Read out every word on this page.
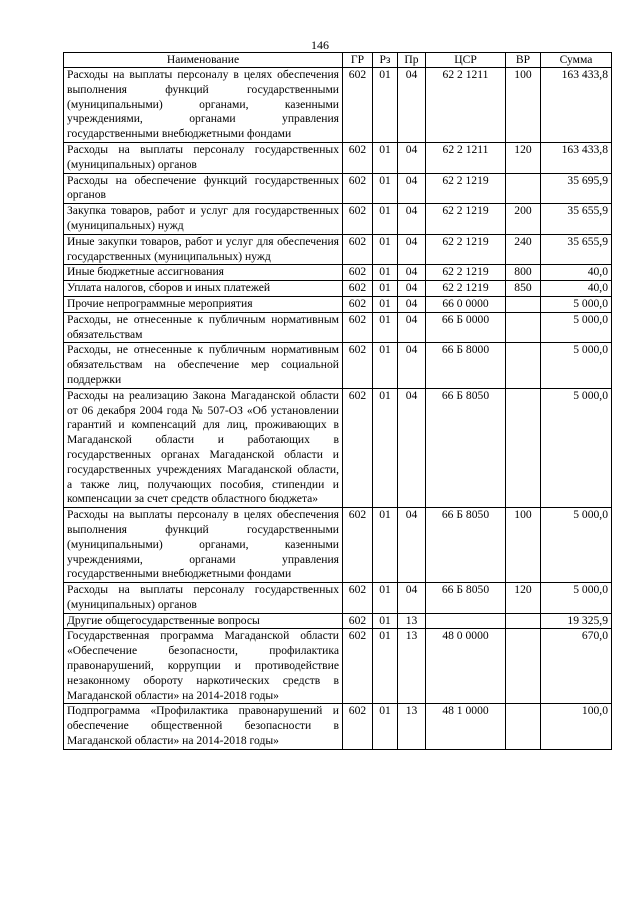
146
Наименование	ГР	Рз	Пр	ЦСР	ВР	Сумма
Расходы на выплаты персоналу в целях обеспечения выполнения функций государственными (муниципальными) органами, казенными учреждениями, органами управления государственными внебюджетными фондами	602	01	04	62 2 1211	100	163 433,8
Расходы на выплаты персоналу государственных (муниципальных) органов	602	01	04	62 2 1211	120	163 433,8
Расходы на обеспечение функций государственных органов	602	01	04	62 2 1219		35 695,9
Закупка товаров, работ и услуг для государственных (муниципальных) нужд	602	01	04	62 2 1219	200	35 655,9
Иные закупки товаров, работ и услуг для обеспечения государственных (муниципальных) нужд	602	01	04	62 2 1219	240	35 655,9
Иные бюджетные ассигнования	602	01	04	62 2 1219	800	40,0
Уплата налогов, сборов и иных платежей	602	01	04	62 2 1219	850	40,0
Прочие непрограммные мероприятия	602	01	04	66 0 0000		5 000,0
Расходы, не отнесенные к публичным нормативным обязательствам	602	01	04	66 Б 0000		5 000,0
Расходы, не отнесенные к публичным нормативным обязательствам на обеспечение мер социальной поддержки	602	01	04	66 Б 8000		5 000,0
Расходы на реализацию Закона Магаданской области от 06 декабря 2004 года № 507-ОЗ «Об установлении гарантий и компенсаций для лиц, проживающих в Магаданской области и работающих в государственных органах Магаданской области и государственных учреждениях Магаданской области, а также лиц, получающих пособия, стипендии и компенсации за счет средств областного бюджета»	602	01	04	66 Б 8050		5 000,0
Расходы на выплаты персоналу в целях обеспечения выполнения функций государственными (муниципальными) органами, казенными учреждениями, органами управления государственными внебюджетными фондами	602	01	04	66 Б 8050	100	5 000,0
Расходы на выплаты персоналу государственных (муниципальных) органов	602	01	04	66 Б 8050	120	5 000,0
Другие общегосударственные вопросы	602	01	13			19 325,9
Государственная программа Магаданской области «Обеспечение безопасности, профилактика правонарушений, коррупции и противодействие незаконному обороту наркотических средств в Магаданской области» на 2014-2018 годы»	602	01	13	48 0 0000		670,0
Подпрограмма «Профилактика правонарушений и обеспечение общественной безопасности в Магаданской области» на 2014-2018 годы»	602	01	13	48 1 0000		100,0
